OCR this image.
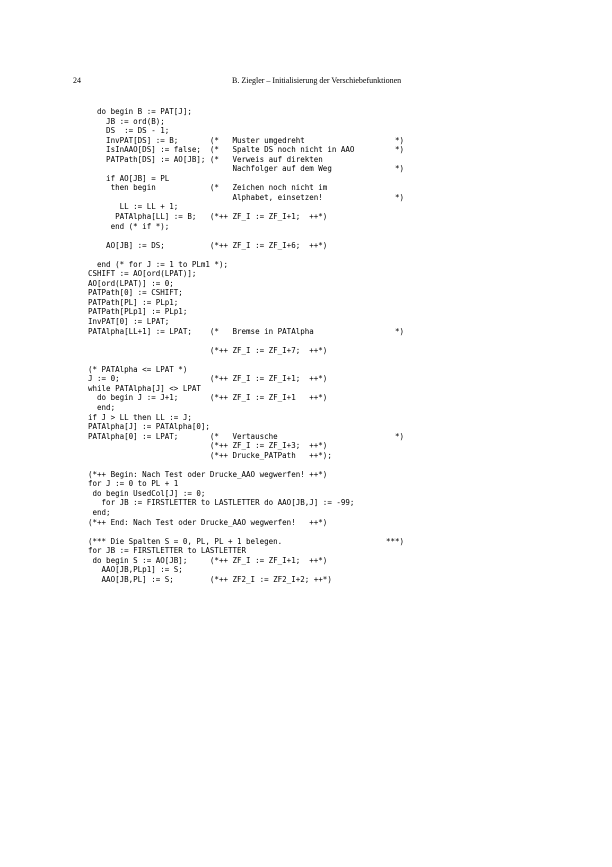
24	B. Ziegler – Initialisierung der Verschiebefunktionen
do begin B := PAT[J];
JB := ord(B);
DS  := DS - 1;
InvPAT[DS] := B;       (*   Muster umgedreht                    *)
IsInAAO[DS] := false;  (*   Spalte DS noch nicht in AAO         *)
PATPath[DS] := AO[JB]; (*   Verweis auf direkten
Nachfolger auf dem Weg              *)
if AO[JB] = PL
then begin            (*   Zeichen noch nicht im
Alphabet, einsetzen!                *)
LL := LL + 1;
PATAlpha[LL] := B;   (*++ ZF_I := ZF_I+1;  ++*)
end (* if *);
AO[JB] := DS;          (*++ ZF_I := ZF_I+6;  ++*)
end (* for J := 1 to PLm1 *);
CSHIFT := AO[ord(LPAT)];
AO[ord(LPAT)] := 0;
PATPath[0] := CSHIFT;
PATPath[PL] := PLp1;
PATPath[PLp1] := PLp1;
InvPAT[0] := LPAT;
PATAlpha[LL+1] := LPAT;    (*   Bremse in PATAlpha                  *)
(*++ ZF_I := ZF_I+7;  ++*)
(* PATAlpha <= LPAT *)
J := 0;                    (*++ ZF_I := ZF_I+1;  ++*)
while PATAlpha[J] <> LPAT
do begin J := J+1;       (*++ ZF_I := ZF_I+1   ++*)
end;
if J > LL then LL := J;
PATAlpha[J] := PATAlpha[0];
PATAlpha[0] := LPAT;       (*   Vertausche                          *)
(*++ ZF_I := ZF_I+3;  ++*)
(*++ Drucke_PATPath   ++*);
(*++ Begin: Nach Test oder Drucke_AAO wegwerfen! ++*)
for J := 0 to PL + 1
do begin UsedCol[J] := 0;
for JB := FIRSTLETTER to LASTLETTER do AAO[JB,J] := -99;
end;
(*++ End: Nach Test oder Drucke_AAO wegwerfen!   ++*)
(*** Die Spalten S = 0, PL, PL + 1 belegen.                       ***)
for JB := FIRSTLETTER to LASTLETTER
do begin S := AO[JB];     (*++ ZF_I := ZF_I+1;  ++*)
AAO[JB,PLp1] := S;
AAO[JB,PL] := S;        (*++ ZF2_I := ZF2_I+2; ++*)
